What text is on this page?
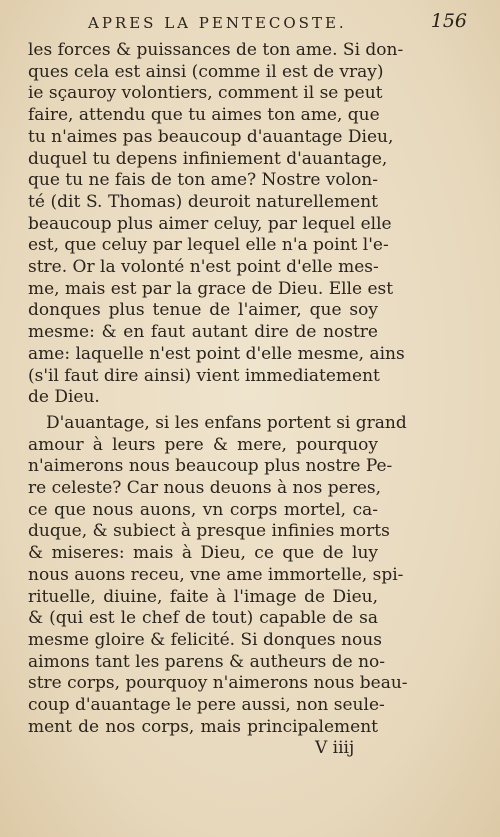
APRES LA PENTECOSTE.	156
les forces & puissances de ton ame. Si don-
ques cela est ainsi (comme il est de vray)
ie sçauroy volontiers, comment il se peut
faire, attendu que tu aimes ton ame, que
tu n'aimes pas beaucoup d'auantage Dieu,
duquel tu depens infiniement d'auantage,
que tu ne fais de ton ame? Nostre volon-
té (dit S. Thomas) deuroit naturellement
beaucoup plus aimer celuy, par lequel elle
est, que celuy par lequel elle n'a point l'e-
stre. Or la volonté n'est point d'elle mes-
me, mais est par la grace de Dieu. Elle est
donques plus tenue de l'aimer, que soy
mesme: & en faut autant dire de nostre
ame: laquelle n'est point d'elle mesme, ains
(s'il faut dire ainsi) vient immediatement
de Dieu.
D'auantage, si les enfans portent si grand
amour à leurs pere & mere, pourquoy
n'aimerons nous beaucoup plus nostre Pe-
re celeste? Car nous deuons à nos peres,
ce que nous auons, vn corps mortel, ca-
duque, & subiect à presque infinies morts
& miseres: mais à Dieu, ce que de luy
nous auons receu, vne ame immortelle, spi-
rituelle, diuine, faite à l'image de Dieu,
& (qui est le chef de tout) capable de sa
mesme gloire & felicité. Si donques nous
aimons tant les parens & autheurs de no-
stre corps, pourquoy n'aimerons nous beau-
coup d'auantage le pere aussi, non seule-
ment de nos corps, mais principalement
V iiij
